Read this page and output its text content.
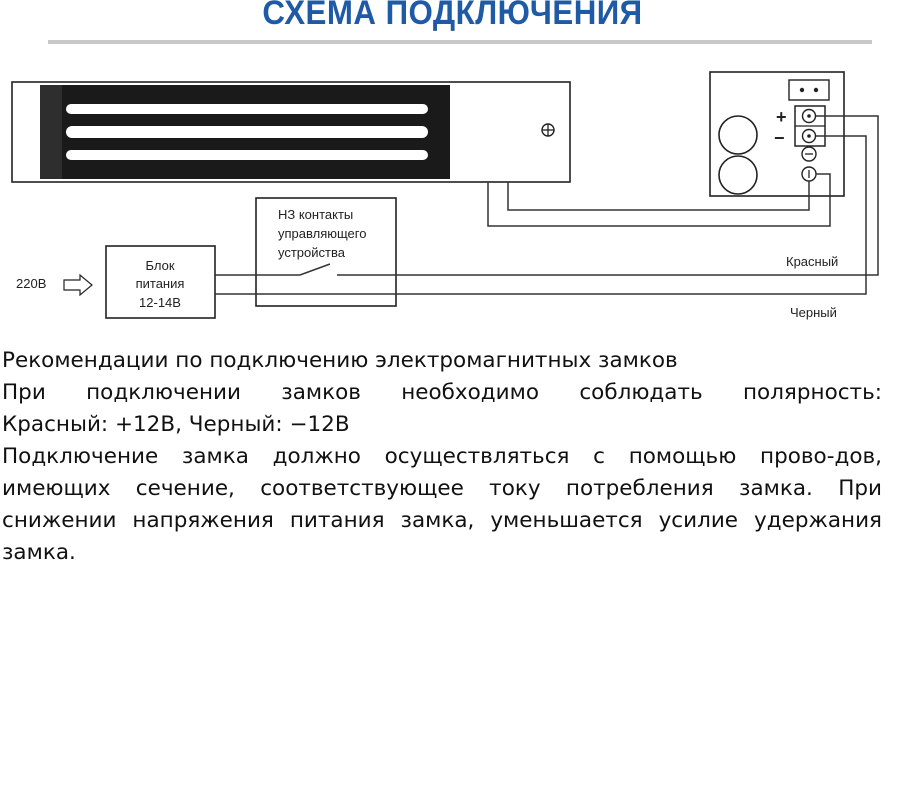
СХЕМА ПОДКЛЮЧЕНИЯ
+
−
Блок
питания
12-14В
220В
НЗ контакты
управляющего
устройства
Красный
Черный

Рекомендации по подключению электромагнитных замков

При подключении замков необходимо соблюдать полярность:

Красный: +12В, Черный: −12В

Подключение замка должно осуществляться с помощью прово-дов, имеющих сечение, соответствующее току потребления замка. При снижении напряжения питания замка, уменьшается усилие удержания замка.
